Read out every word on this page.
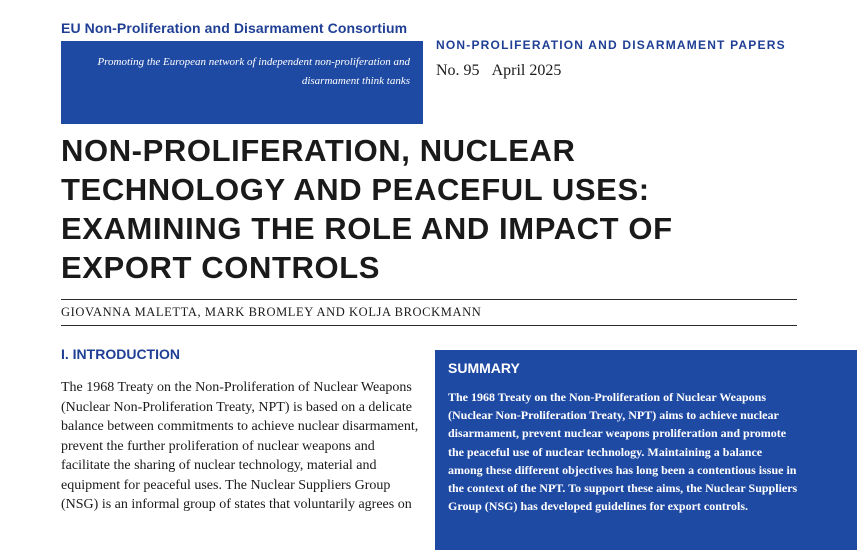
EU Non-Proliferation and Disarmament Consortium
Promoting the European network of independent non-proliferation and disarmament think tanks
NON-PROLIFERATION AND DISARMAMENT PAPERS
No. 95 April 2025
NON-PROLIFERATION, NUCLEAR TECHNOLOGY AND PEACEFUL USES: EXAMINING THE ROLE AND IMPACT OF EXPORT CONTROLS
GIOVANNA MALETTA, MARK BROMLEY AND KOLJA BROCKMANN
I. INTRODUCTION

The 1968 Treaty on the Non-Proliferation of Nuclear Weapons (Nuclear Non-Proliferation Treaty, NPT) is based on a delicate balance between commitments to achieve nuclear disarmament, prevent the further proliferation of nuclear weapons and facilitate the sharing of nuclear technology, material and equipment for peaceful uses. The Nuclear Suppliers Group (NSG) is an informal group of states that voluntarily agrees on

SUMMARY

The 1968 Treaty on the Non-Proliferation of Nuclear Weapons (Nuclear Non-Proliferation Treaty, NPT) aims to achieve nuclear disarmament, prevent nuclear weapons proliferation and promote the peaceful use of nuclear technology. Maintaining a balance among these different objectives has long been a contentious issue in the context of the NPT. To support these aims, the Nuclear Suppliers Group (NSG) has developed guidelines for export controls.
